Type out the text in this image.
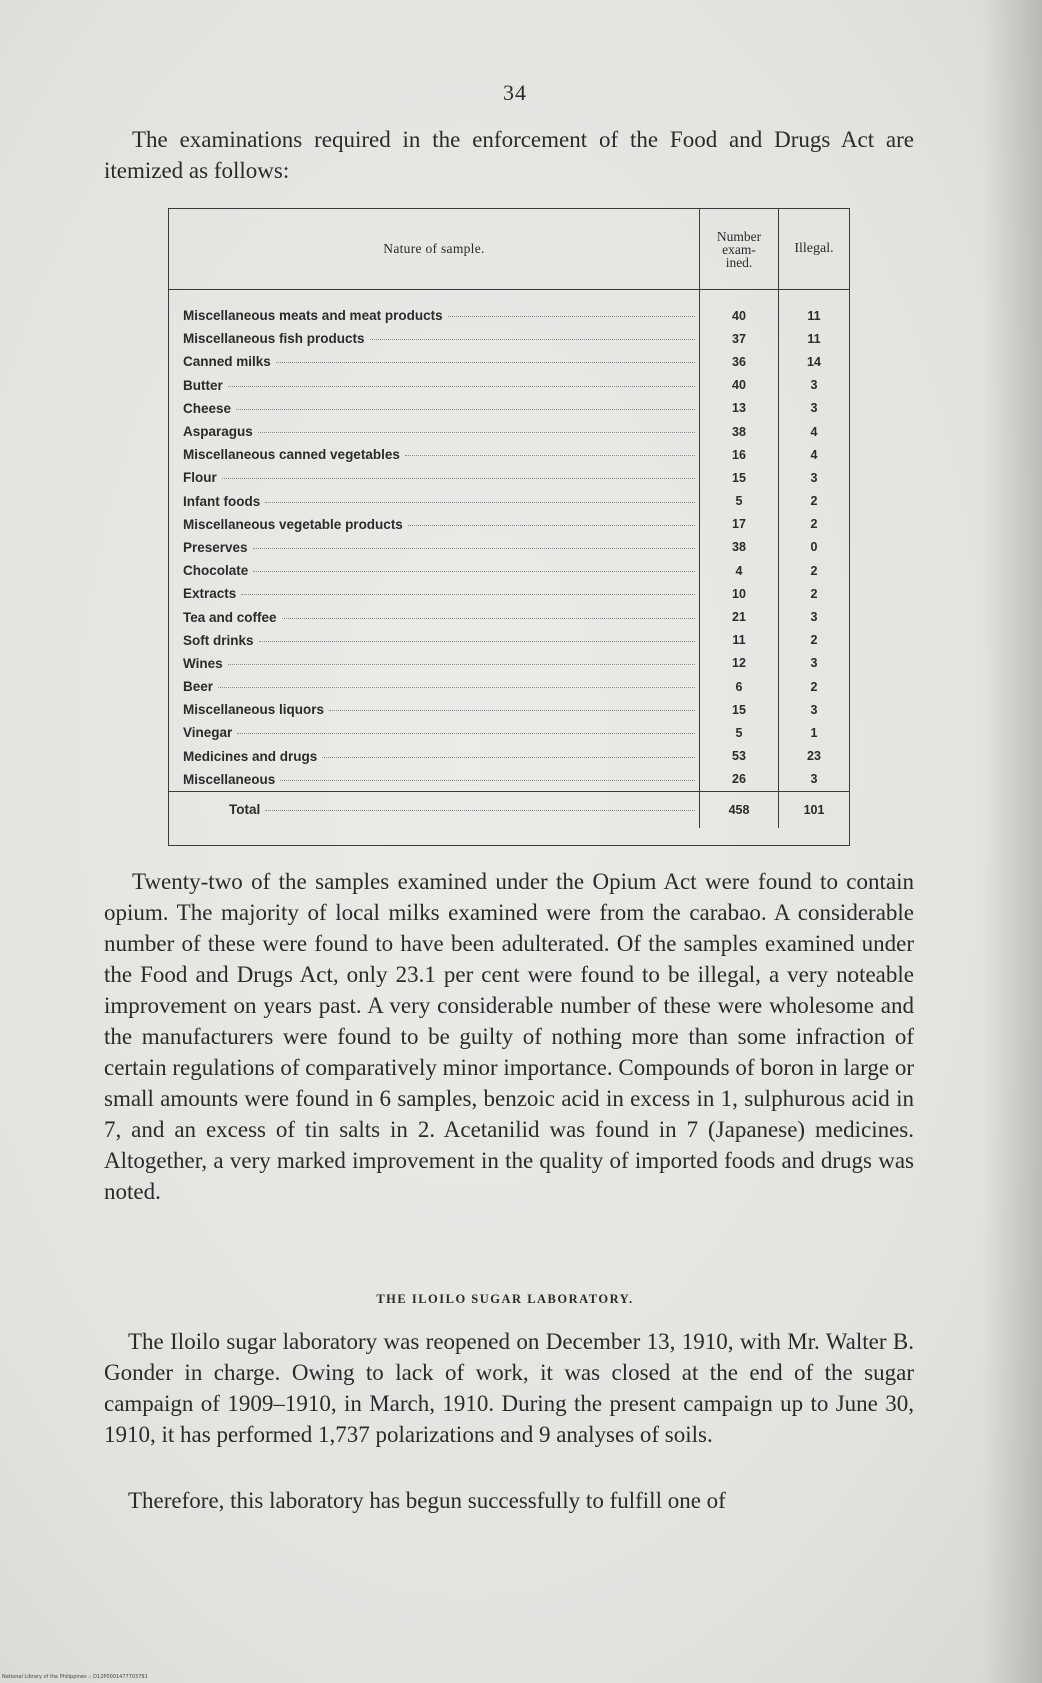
34

The examinations required in the enforcement of the Food and Drugs Act are itemized as follows:

Nature of sample.	Number exam- ined.	Illegal.

Miscellaneous meats and meat products	40	11

Miscellaneous fish products	37	11

Canned milks	36	14

Butter	40	3

Cheese	13	3

Asparagus	38	4

Miscellaneous canned vegetables	16	4

Flour	15	3

Infant foods	5	2

Miscellaneous vegetable products	17	2

Preserves	38	0

Chocolate	4	2

Extracts	10	2

Tea and coffee	21	3

Soft drinks	11	2

Wines	12	3

Beer	6	2

Miscellaneous liquors	15	3

Vinegar	5	1

Medicines and drugs	53	23

Miscellaneous	26	3

Total	458	101

Twenty-two of the samples examined under the Opium Act were found to contain opium. The majority of local milks examined were from the carabao. A considerable number of these were found to have been adulterated. Of the samples examined under the Food and Drugs Act, only 23.1 per cent were found to be illegal, a very noteable improvement on years past. A very considerable number of these were wholesome and the manufacturers were found to be guilty of nothing more than some infraction of certain regulations of comparatively minor importance. Compounds of boron in large or small amounts were found in 6 samples, benzoic acid in excess in 1, sulphurous acid in 7, and an excess of tin salts in 2. Acetanilid was found in 7 (Japanese) medicines. Altogether, a very marked improvement in the quality of imported foods and drugs was noted.

THE ILOILO SUGAR LABORATORY.

The Iloilo sugar laboratory was reopened on December 13, 1910, with Mr. Walter B. Gonder in charge. Owing to lack of work, it was closed at the end of the sugar campaign of 1909–1910, in March, 1910. During the present campaign up to June 30, 1910, it has performed 1,737 polarizations and 9 analyses of soils.

Therefore, this laboratory has begun successfully to fulfill one of

National Library of the Philippines :: D12P0001477703791
